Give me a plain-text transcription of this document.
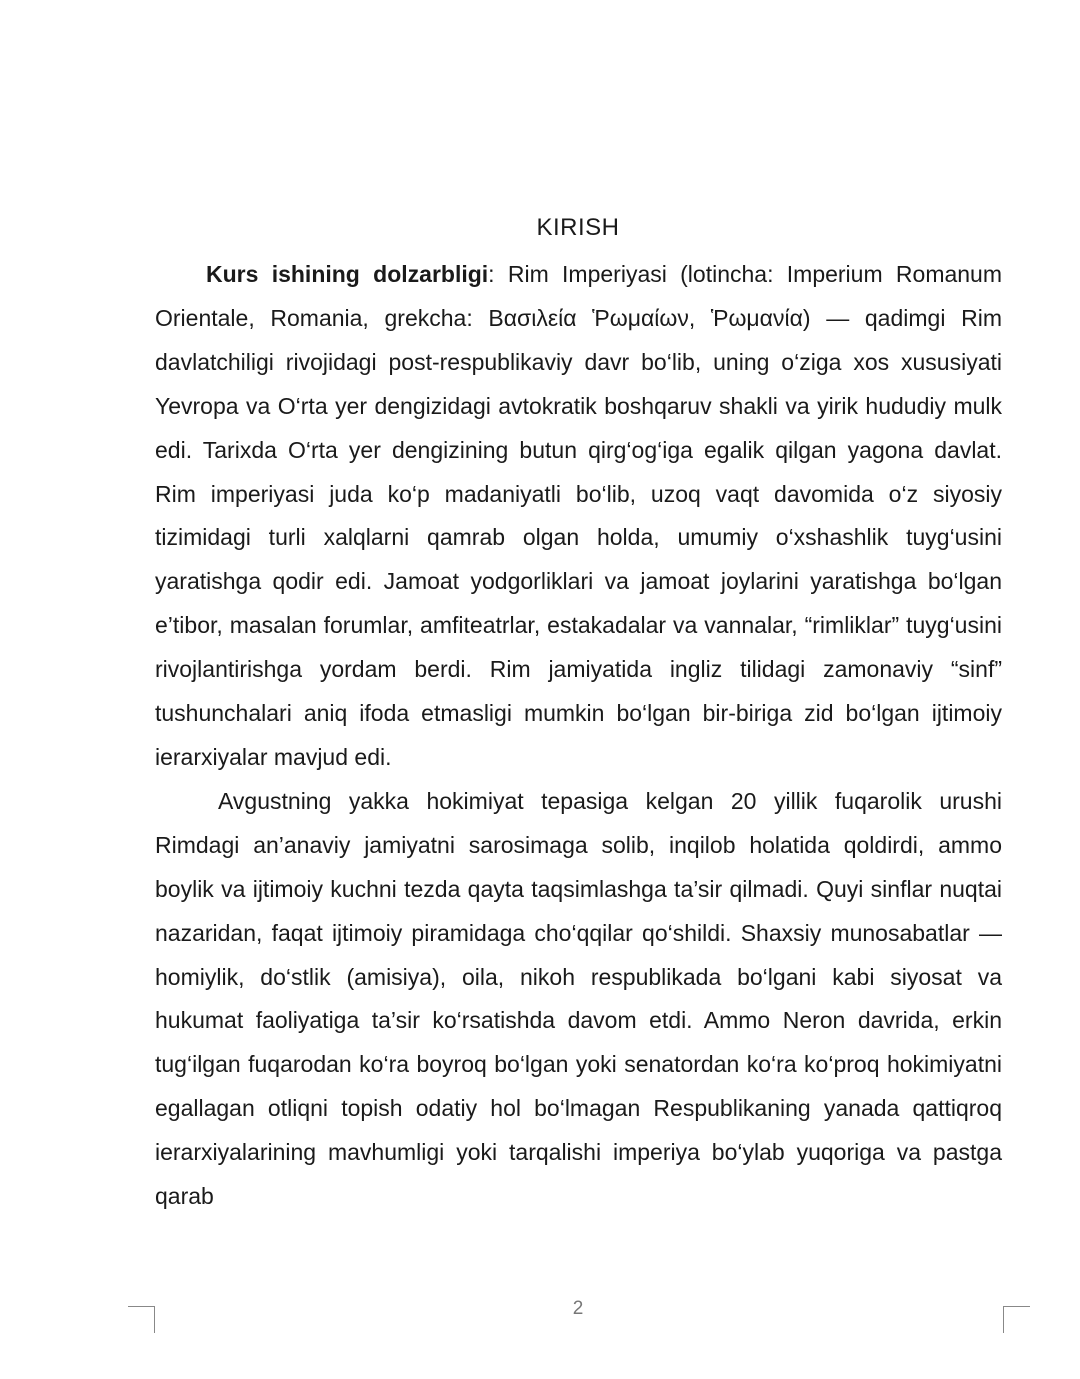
KIRISH

Kurs ishining dolzarbligi: Rim Imperiyasi (lotincha: Imperium Romanum Orientale, Romania, grekcha: Βασιλεία Ῥωμαίων, Ῥωμανία) — qadimgi Rim davlatchiligi rivojidagi post-respublikaviy davr bo‘lib, uning o‘ziga xos xususiyati Yevropa va O‘rta yer dengizidagi avtokratik boshqaruv shakli va yirik hududiy mulk edi. Tarixda O‘rta yer dengizining butun qirg‘og‘iga egalik qilgan yagona davlat. Rim imperiyasi juda ko‘p madaniyatli bo‘lib, uzoq vaqt davomida o‘z siyosiy tizimidagi turli xalqlarni qamrab olgan holda, umumiy o‘xshashlik tuyg‘usini yaratishga qodir edi. Jamoat yodgorliklari va jamoat joylarini yaratishga bo‘lgan e’tibor, masalan forumlar, amfiteatrlar, estakadalar va vannalar, “rimliklar” tuyg‘usini rivojlantirishga yordam berdi. Rim jamiyatida ingliz tilidagi zamonaviy “sinf” tushunchalari aniq ifoda etmasligi mumkin bo‘lgan bir-biriga zid bo‘lgan ijtimoiy ierarxiyalar mavjud edi.

Avgustning yakka hokimiyat tepasiga kelgan 20 yillik fuqarolik urushi Rimdagi an’anaviy jamiyatni sarosimaga solib, inqilob holatida qoldirdi, ammo boylik va ijtimoiy kuchni tezda qayta taqsimlashga ta’sir qilmadi. Quyi sinflar nuqtai nazaridan, faqat ijtimoiy piramidaga cho‘qqilar qo‘shildi. Shaxsiy munosabatlar — homiylik, do‘stlik (amisiya), oila, nikoh respublikada bo‘lgani kabi siyosat va hukumat faoliyatiga ta’sir ko‘rsatishda davom etdi. Ammo Neron davrida, erkin tug‘ilgan fuqarodan ko‘ra boyroq bo‘lgan yoki senatordan ko‘ra ko‘proq hokimiyatni egallagan otliqni topish odatiy hol bo‘lmagan Respublikaning yanada qattiqroq ierarxiyalarining mavhumligi yoki tarqalishi imperiya bo‘ylab yuqoriga va pastga qarab

2
